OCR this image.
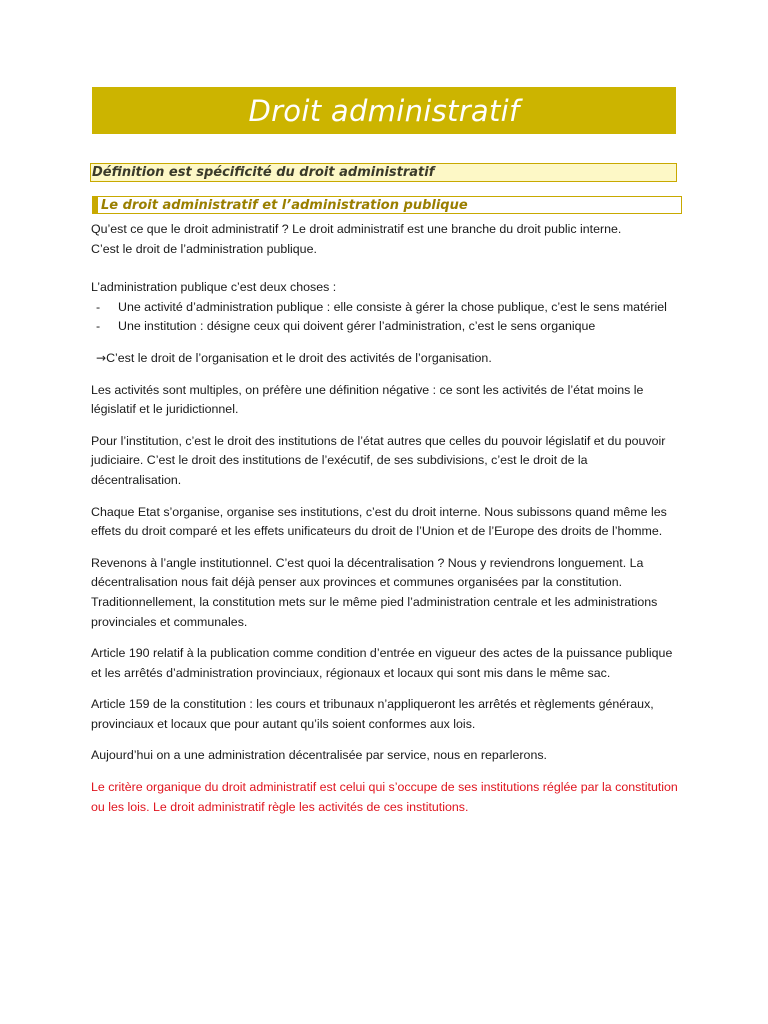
Droit administratif
Définition est spécificité du droit administratif
Le droit administratif et l’administration publique

Qu’est ce que le droit administratif ? Le droit administratif est une branche du droit public interne.
C’est le droit de l’administration publique.

L’administration publique c’est deux choses :

- Une activité d’administration publique : elle consiste à gérer la chose publique, c’est le sens matériel
- Une institution : désigne ceux qui doivent gérer l’administration, c’est le sens organique

→C’est le droit de l’organisation et le droit des activités de l’organisation.

Les activités sont multiples, on préfère une définition négative : ce sont les activités de l’état moins le législatif et le juridictionnel.

Pour l’institution, c’est le droit des institutions de l’état autres que celles du pouvoir législatif et du pouvoir judiciaire. C’est le droit des institutions de l’exécutif, de ses subdivisions, c’est le droit de la décentralisation.

Chaque Etat s’organise, organise ses institutions, c’est du droit interne. Nous subissons quand même les effets du droit comparé et les effets unificateurs du droit de l’Union et de l’Europe des droits de l’homme.

Revenons à l’angle institutionnel. C’est quoi la décentralisation ? Nous y reviendrons longuement. La décentralisation nous fait déjà penser aux provinces et communes organisées par la constitution. Traditionnellement, la constitution mets sur le même pied l’administration centrale et les administrations provinciales et communales.

Article 190 relatif à la publication comme condition d’entrée en vigueur des actes de la puissance publique et les arrêtés d’administration provinciaux, régionaux et locaux qui sont mis dans le même sac.

Article 159 de la constitution : les cours et tribunaux n’appliqueront les arrêtés et règlements généraux, provinciaux et locaux que pour autant qu’ils soient conformes aux lois.

Aujourd’hui on a une administration décentralisée par service, nous en reparlerons.

Le critère organique du droit administratif est celui qui s’occupe de ses institutions réglée par la constitution ou les lois. Le droit administratif règle les activités de ces institutions.
